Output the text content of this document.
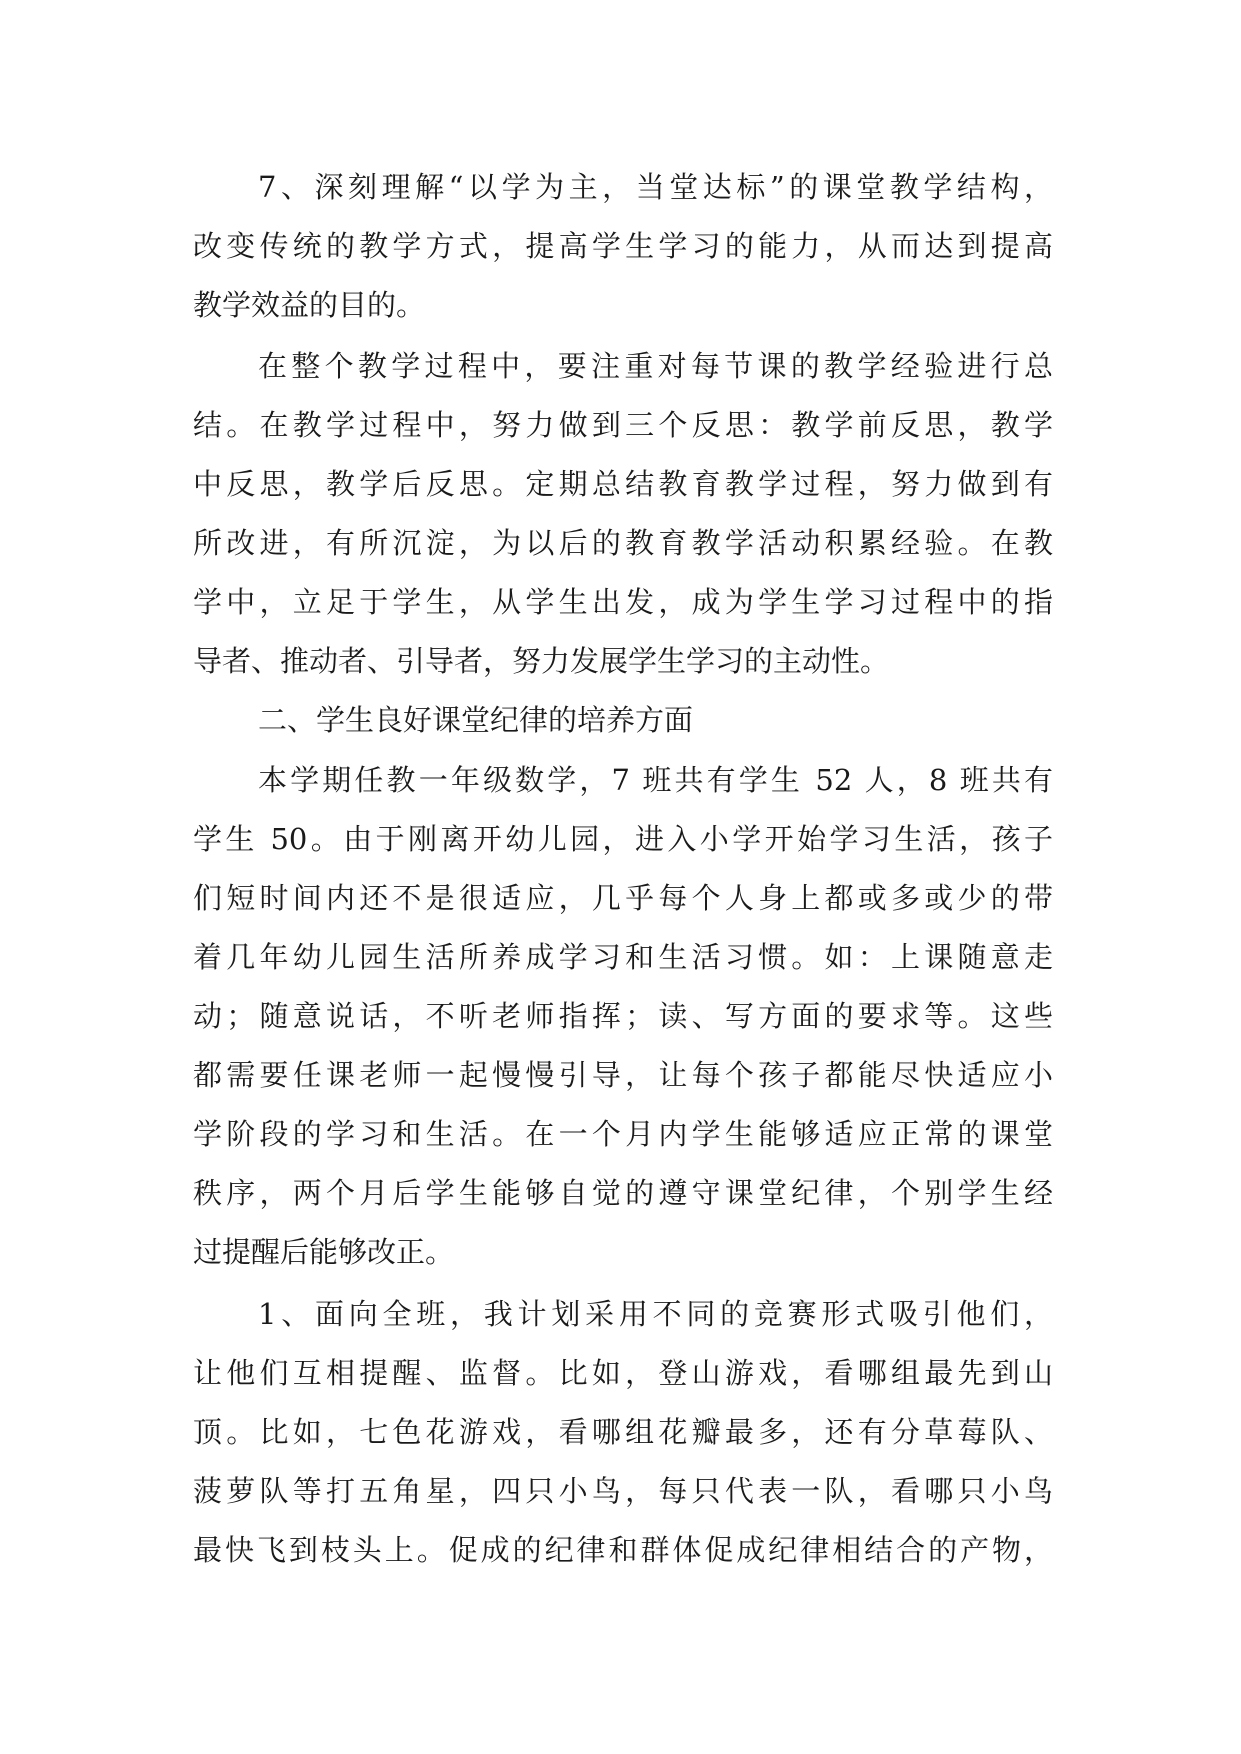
7、深刻理解“以学为主，当堂达标”的课堂教学结构，
改变传统的教学方式，提高学生学习的能力，从而达到提高
教学效益的目的。
在整个教学过程中，要注重对每节课的教学经验进行总
结。在教学过程中，努力做到三个反思：教学前反思，教学
中反思，教学后反思。定期总结教育教学过程，努力做到有
所改进，有所沉淀，为以后的教育教学活动积累经验。在教
学中，立足于学生，从学生出发，成为学生学习过程中的指
导者、推动者、引导者，努力发展学生学习的主动性。
二、学生良好课堂纪律的培养方面
本学期任教一年级数学，7 班共有学生 52 人，8 班共有
学生 50。由于刚离开幼儿园，进入小学开始学习生活，孩子
们短时间内还不是很适应，几乎每个人身上都或多或少的带
着几年幼儿园生活所养成学习和生活习惯。如：上课随意走
动；随意说话，不听老师指挥；读、写方面的要求等。这些
都需要任课老师一起慢慢引导，让每个孩子都能尽快适应小
学阶段的学习和生活。在一个月内学生能够适应正常的课堂
秩序，两个月后学生能够自觉的遵守课堂纪律，个别学生经
过提醒后能够改正。
1、面向全班，我计划采用不同的竞赛形式吸引他们，
让他们互相提醒、监督。比如，登山游戏，看哪组最先到山
顶。比如，七色花游戏，看哪组花瓣最多，还有分草莓队、
菠萝队等打五角星，四只小鸟，每只代表一队，看哪只小鸟
最快飞到枝头上。促成的纪律和群体促成纪律相结合的产物，
